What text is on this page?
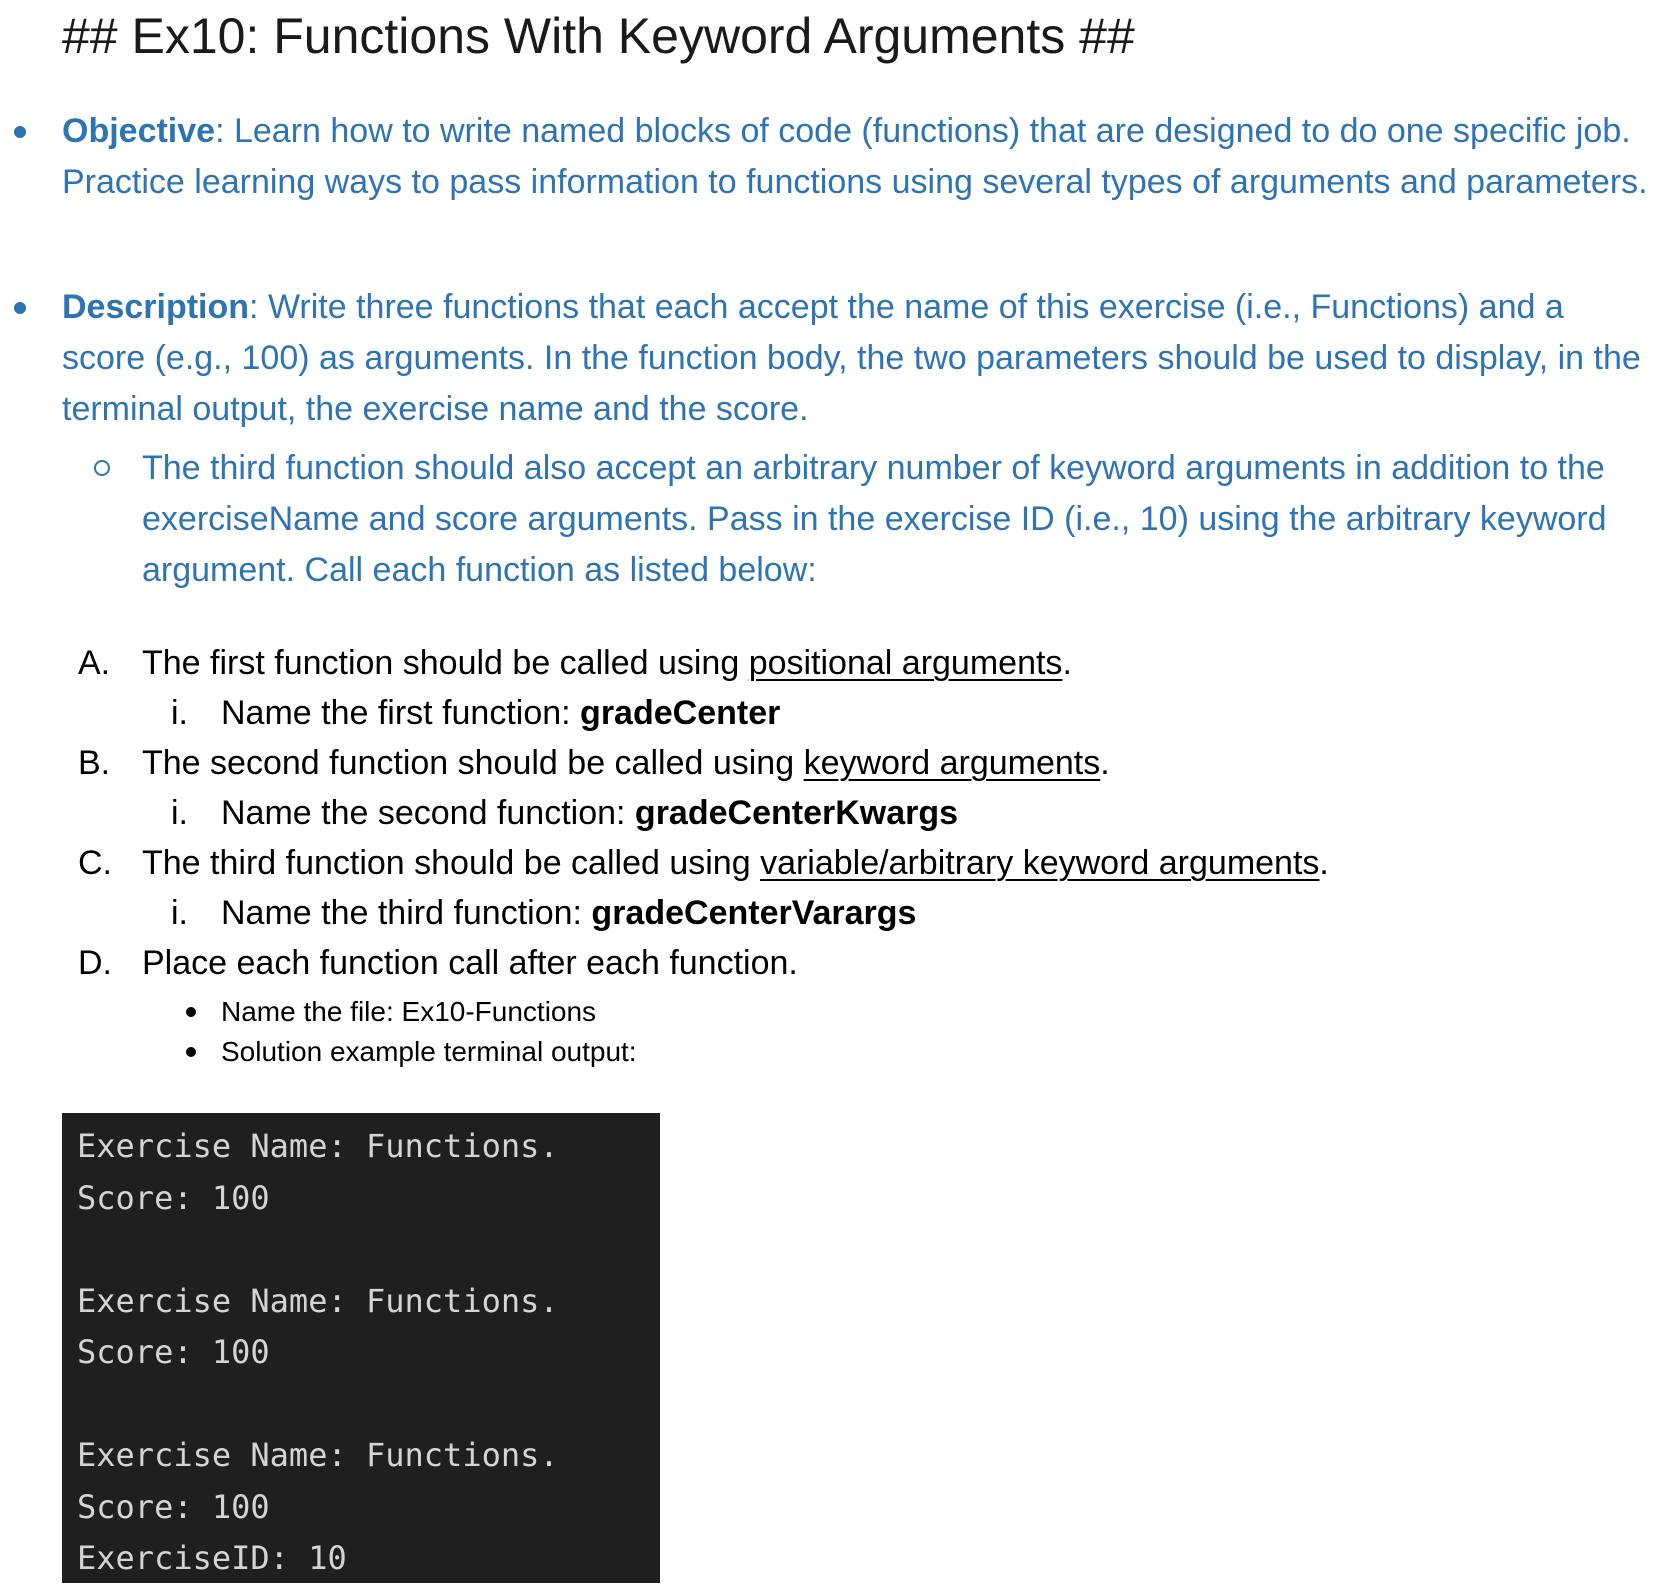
## Ex10: Functions With Keyword Arguments ##
Objective: Learn how to write named blocks of code (functions) that are designed to do one specific job. Practice learning ways to pass information to functions using several types of arguments and parameters.
Description: Write three functions that each accept the name of this exercise (i.e., Functions) and a score (e.g., 100) as arguments. In the function body, the two parameters should be used to display, in the terminal output, the exercise name and the score.
The third function should also accept an arbitrary number of keyword arguments in addition to the exerciseName and score arguments. Pass in the exercise ID (i.e., 10) using the arbitrary keyword argument. Call each function as listed below:
A. The first function should be called using positional arguments.
i. Name the first function: gradeCenter
B. The second function should be called using keyword arguments.
i. Name the second function: gradeCenterKwargs
C. The third function should be called using variable/arbitrary keyword arguments.
i. Name the third function: gradeCenterVarargs
D. Place each function call after each function.
Name the file: Ex10-Functions
Solution example terminal output:
Exercise Name: Functions.
Score: 100
Exercise Name: Functions.
Score: 100
Exercise Name: Functions.
Score: 100
ExerciseID: 10
